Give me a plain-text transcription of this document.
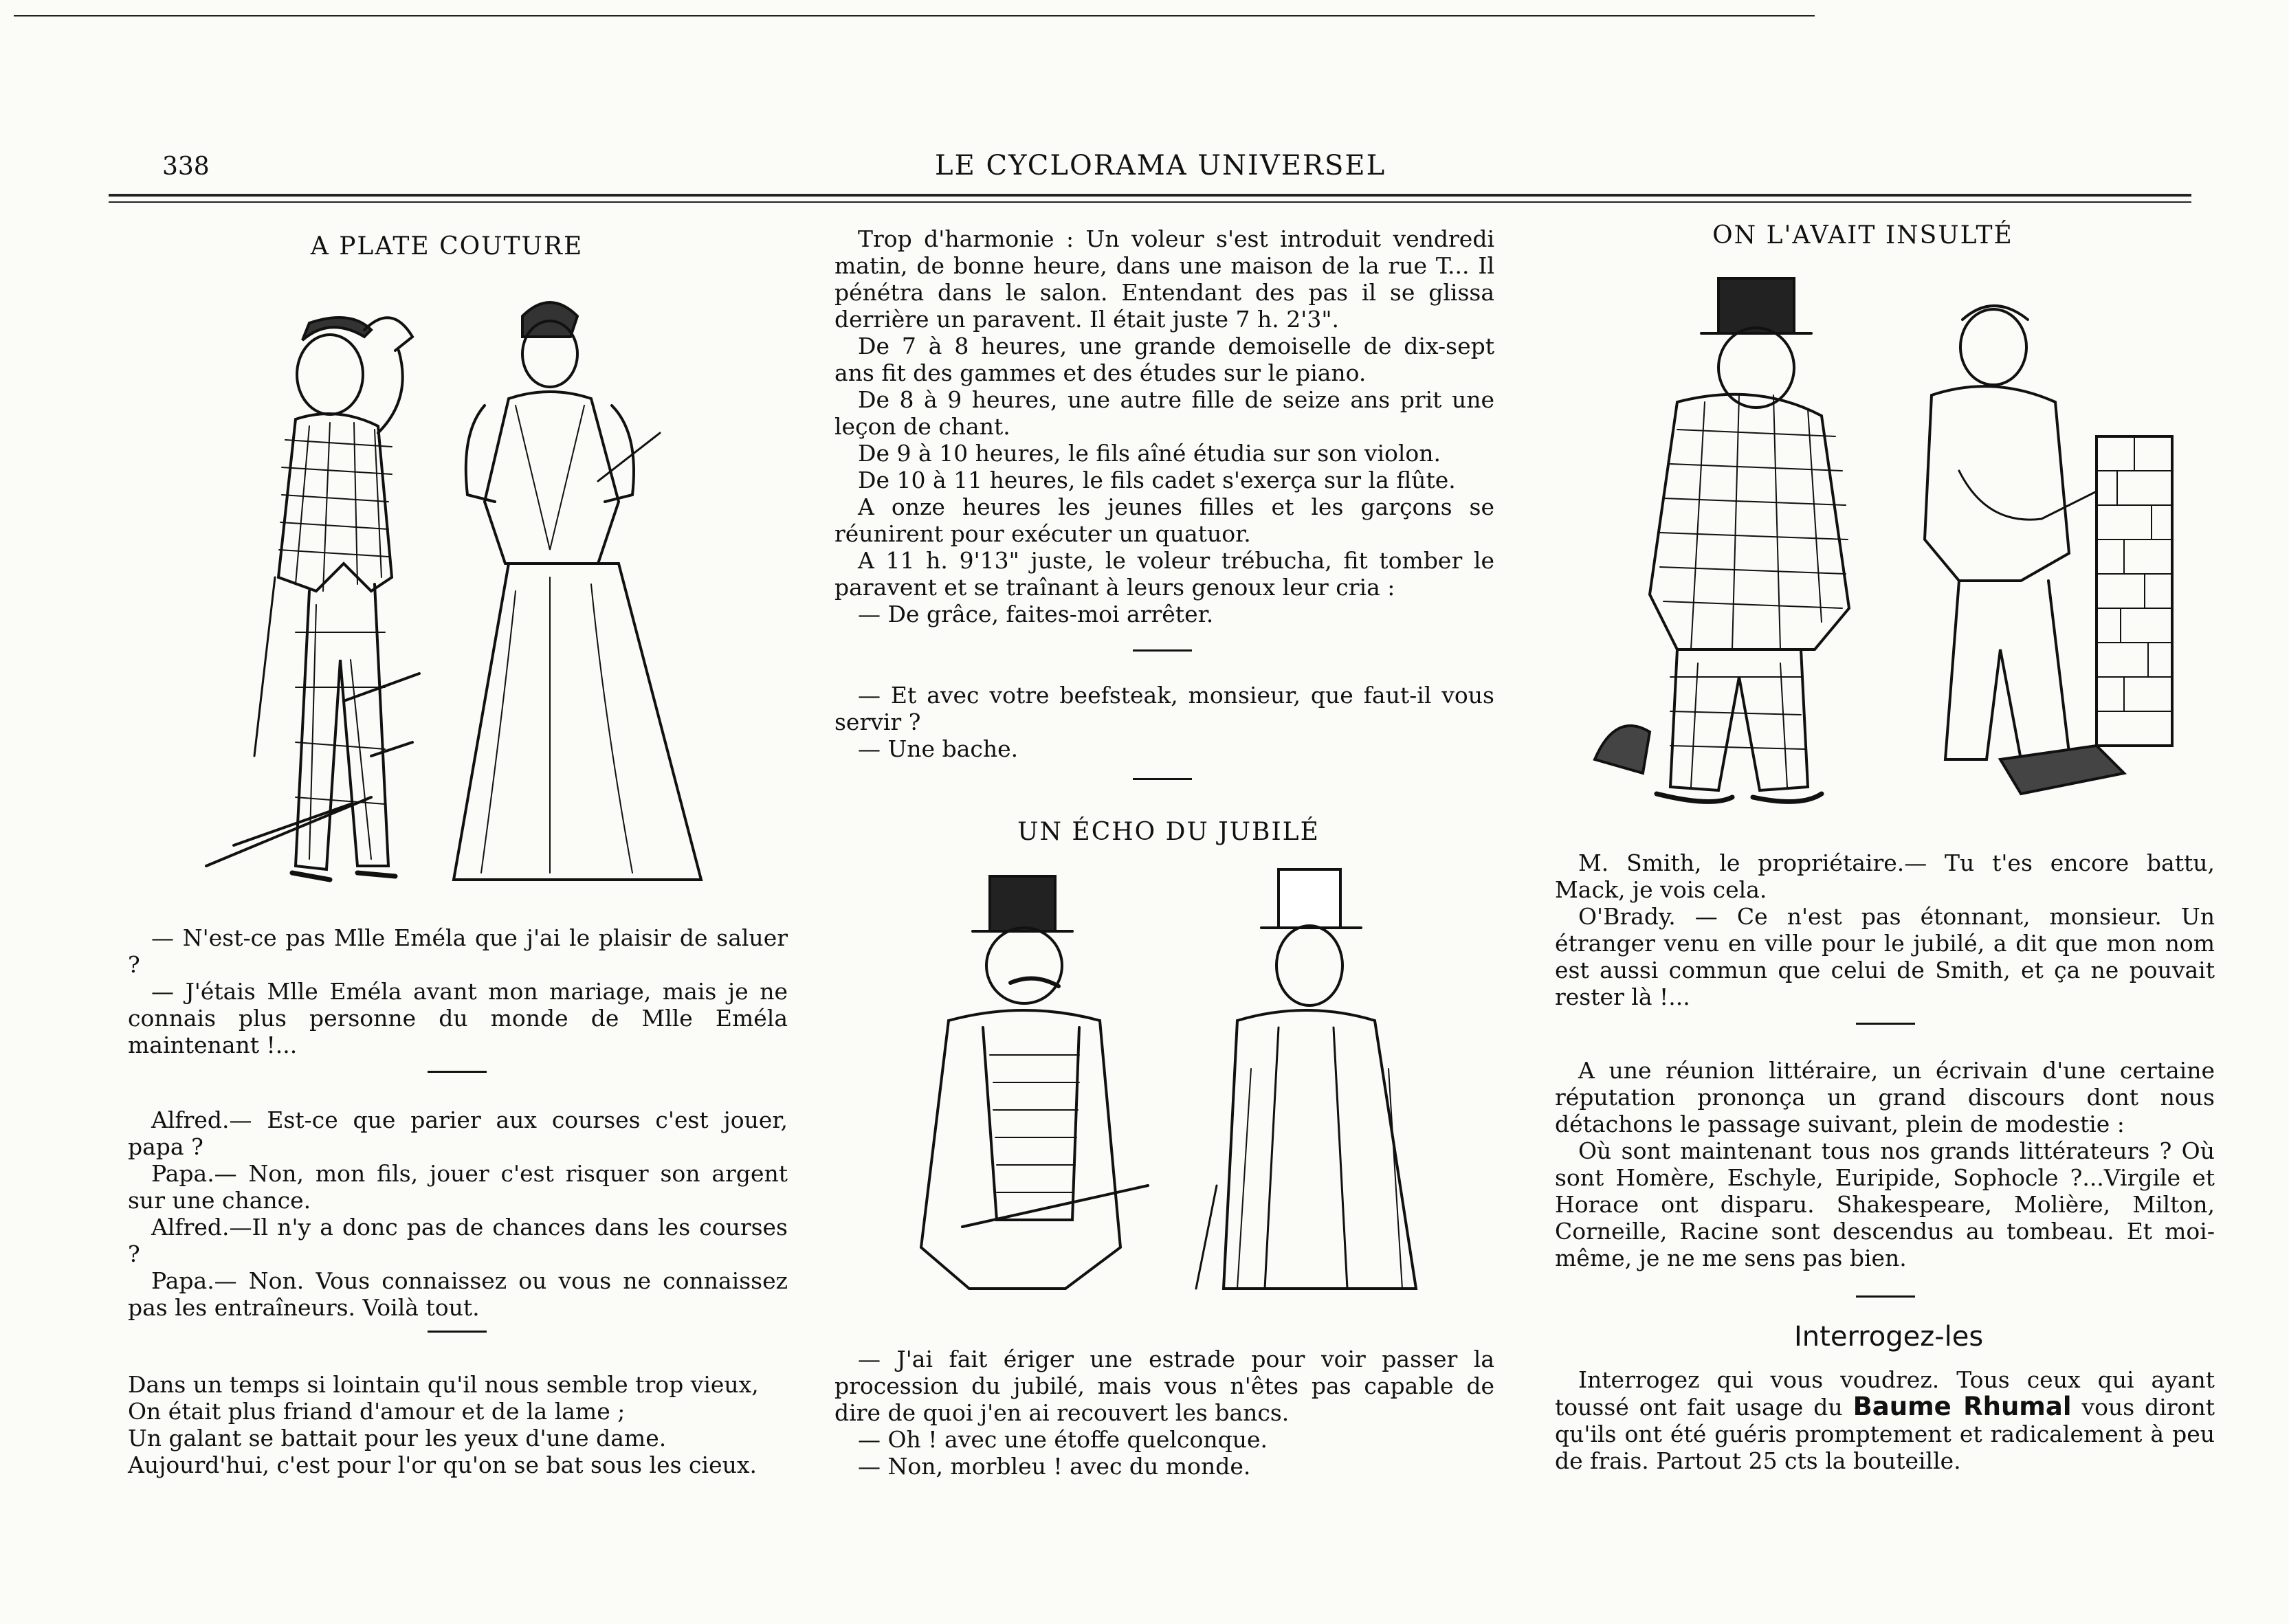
338	LE CYCLORAMA UNIVERSEL
A PLATE COUTURE

— N'est-ce pas Mlle Eméla que j'ai le plaisir de saluer ?

— J'étais Mlle Eméla avant mon mariage, mais je ne connais plus personne du monde de Mlle Eméla maintenant !...

Alfred.— Est-ce que parier aux courses c'est jouer, papa ?

Papa.— Non, mon fils, jouer c'est risquer son argent sur une chance.

Alfred.—Il n'y a donc pas de chances dans les courses ?

Papa.— Non. Vous connaissez ou vous ne connaissez pas les entraîneurs. Voilà tout.

Dans un temps si lointain qu'il nous semble trop vieux,

On était plus friand d'amour et de la lame ;

Un galant se battait pour les yeux d'une dame.

Aujourd'hui, c'est pour l'or qu'on se bat sous les cieux.

Trop d'harmonie : Un voleur s'est introduit vendredi matin, de bonne heure, dans une maison de la rue T... Il pénétra dans le salon. Entendant des pas il se glissa derrière un paravent. Il était juste 7 h. 2'3".

De 7 à 8 heures, une grande demoiselle de dix-sept ans fit des gammes et des études sur le piano.

De 8 à 9 heures, une autre fille de seize ans prit une leçon de chant.

De 9 à 10 heures, le fils aîné étudia sur son violon.

De 10 à 11 heures, le fils cadet s'exerça sur la flûte.

A onze heures les jeunes filles et les garçons se réunirent pour exécuter un quatuor.

A 11 h. 9'13" juste, le voleur trébucha, fit tomber le paravent et se traînant à leurs genoux leur cria :

— De grâce, faites-moi arrêter.

— Et avec votre beefsteak, monsieur, que faut-il vous servir ?

— Une bache.

UN ÉCHO DU JUBILÉ

— J'ai fait ériger une estrade pour voir passer la procession du jubilé, mais vous n'êtes pas capable de dire de quoi j'en ai recouvert les bancs.

— Oh ! avec une étoffe quelconque.

— Non, morbleu ! avec du monde.

ON L'AVAIT INSULTÉ

M. Smith, le propriétaire.— Tu t'es encore battu, Mack, je vois cela.

O'Brady. — Ce n'est pas étonnant, monsieur. Un étranger venu en ville pour le jubilé, a dit que mon nom est aussi commun que celui de Smith, et ça ne pouvait rester là !...

A une réunion littéraire, un écrivain d'une certaine réputation prononça un grand discours dont nous détachons le passage suivant, plein de modestie :

Où sont maintenant tous nos grands littérateurs ? Où sont Homère, Eschyle, Euripide, Sophocle ?...Virgile et Horace ont disparu. Shakespeare, Molière, Milton, Corneille, Racine sont descendus au tombeau. Et moi-même, je ne me sens pas bien.

Interrogez-les

Interrogez qui vous voudrez. Tous ceux qui ayant toussé ont fait usage du Baume Rhumal vous diront qu'ils ont été guéris promptement et radicalement à peu de frais. Partout 25 cts la bouteille.
